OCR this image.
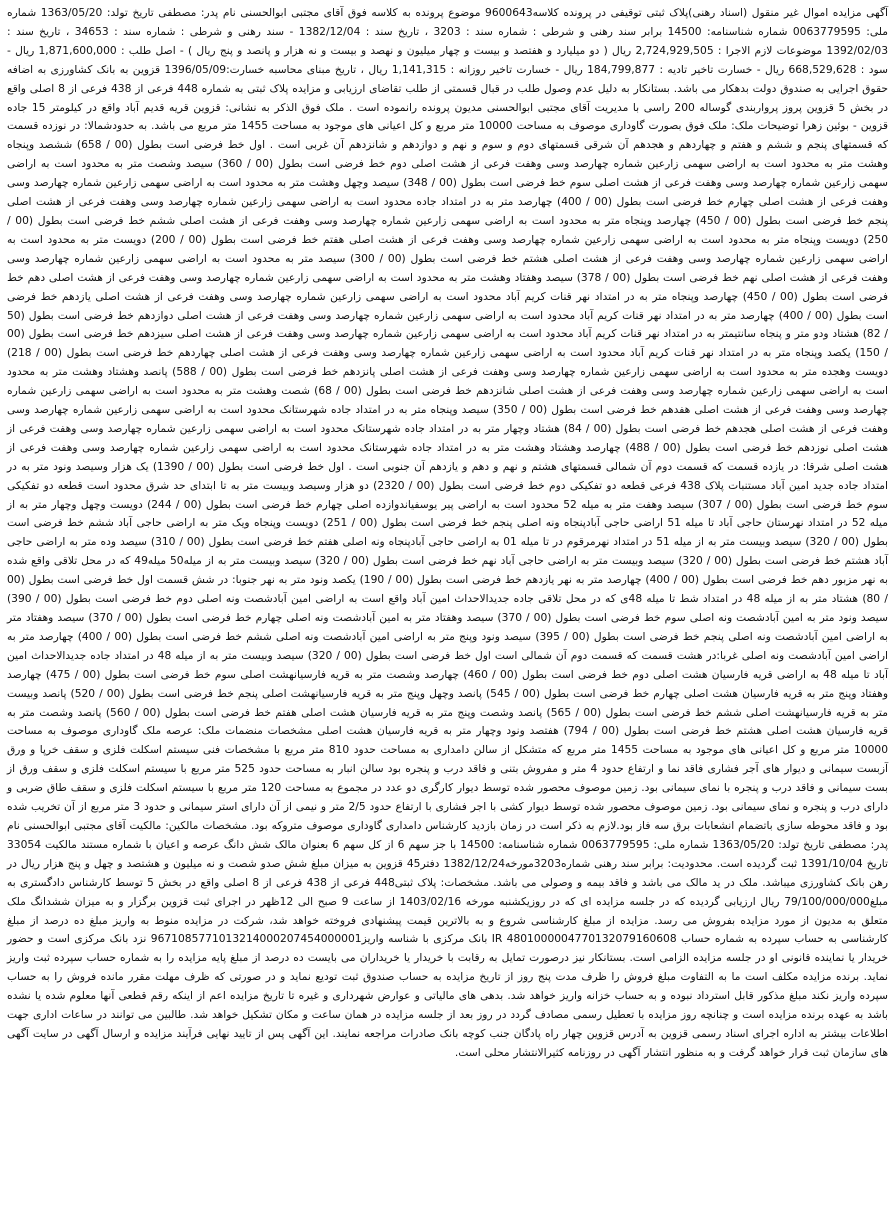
آگهی مزایده اموال غیر منقول (اسناد رهنی)پلاک ثبتی توقیفی در پرونده کلاسه9600643 موضوع پرونده به کلاسه فوق آقای مجتبی ابوالحسنی نام پدر: مصطفی تاریخ تولد: 1363/05/20 شماره ملی: 0063779595 شماره شناسنامه: 14500 برابر سند رهنی و شرطی : شماره سند : 3203 ، تاریخ سند : 1382/12/04 - سند رهنی و شرطی : شماره سند : 34653 ، تاریخ سند : 1392/02/03 موضوعات لازم الاجرا : 2,724,929,505 ریال ( دو میلیارد و هفتصد و بیست و چهار میلیون و نهصد و بیست و نه هزار و پانصد و پنج ریال ) - اصل طلب : 1,871,600,000 ریال - سود : 668,529,628 ریال - خسارت تاخیر تادیه : 184,799,877 ریال - خسارت تاخیر روزانه : 1,141,315 ریال ، تاریخ مبنای محاسبه خسارت:1396/05/09 قزوین به بانک کشاورزی به اضافه حقوق اجرایی به صندوق دولت بدهکار می باشد. بستانکار به دلیل عدم وصول طلب در قبال قسمتی از طلب تقاضای ارزیابی و مزایده پلاک ثبتی به شماره 448 فرعی از 438 فرعی از 8 اصلی واقع در بخش 5 قزوین پروز پرواربندی گوساله 200 راسی با مدیریت آقای مجتبی ابوالحسنی مدیون پرونده رانموده است . ملک فوق الذکر به نشانی: قزوین قریه قدیم آباد واقع در کیلومتر 15 جاده قزوین - بوئین زهرا توضیحات ملک: ملک فوق بصورت گاوداری موصوف به مساحت 10000 متر مربع و کل اعیانی های موجود به مساحت 1455 متر مربع می باشد. به حدودشمالا: در نوزده قسمت که قسمتهای پنجم و ششم و هفتم و چهاردهم و هجدهم آن شرقی قسمتهای دوم و سوم و نهم و دوازدهم و شانزدهم آن غربی است . اول خط فرضی است بطول (00 / 658) ششصد وپنجاه وهشت متر به محدود است به اراضی سهمی زارعین شماره چهارصد وسی وهفت فرعی از هشت اصلی دوم خط فرضی است بطول (00 / 360) سیصد وشصت متر به محدود است به اراضی سهمی زارعین شماره چهارصد وسی وهفت فرعی از هشت اصلی سوم خط فرضی است بطول (00 / 348) سیصد وچهل وهشت متر به محدود است به اراضی سهمی زارعین شماره چهارصد وسی وهفت فرعی از هشت اصلی چهارم خط فرضی است بطول (00 / 400) چهارصد متر به در امتداد جاده محدود است به اراضی سهمی زارعین شماره چهارصد وسی وهفت فرعی از هشت اصلی پنجم خط فرضی است بطول (00 / 450) چهارصد وپنجاه متر به محدود است به اراضی سهمی زارعین شماره چهارصد وسی وهفت فرعی از هشت اصلی ششم خط فرضی است بطول (00 / 250) دویست وپنجاه متر به محدود است به اراضی سهمی زارعین شماره چهارصد وسی وهفت فرعی از هشت اصلی هفتم خط فرضی است بطول (00 / 200) دویست متر به محدود است به اراضی سهمی زارعین شماره چهارصد وسی وهفت فرعی از هشت اصلی هشتم خط فرضی است بطول (00 / 300) سیصد متر به محدود است به اراضی سهمی زارعین شماره چهارصد وسی وهفت فرعی از هشت اصلی نهم خط فرضی است بطول (00 / 378) سیصد وهفتاد وهشت متر به محدود است به اراضی سهمی زارعین شماره چهارصد وسی وهفت فرعی از هشت اصلی دهم خط فرضی است بطول (00 / 450) چهارصد وپنجاه متر به در امتداد نهر قنات کریم آباد محدود است به اراضی سهمی زارعین شماره چهارصد وسی وهفت فرعی از هشت اصلی یازدهم خط فرضی است بطول (00 / 400) چهارصد متر به در امتداد نهر قنات کریم آباد محدود است به اراضی سهمی زارعین شماره چهارصد وسی وهفت فرعی از هشت اصلی دوازدهم خط فرضی است بطول (50 / 82) هشتاد ودو متر و پنجاه سانتیمتر به در امتداد نهر قنات کریم آباد محدود است به اراضی سهمی زارعین شماره چهارصد وسی وهفت فرعی از هشت اصلی سیزدهم خط فرضی است بطول (00 / 150) یکصد وپنجاه متر به در امتداد نهر قنات کریم آباد محدود است به اراضی سهمی زارعین شماره چهارصد وسی وهفت فرعی از هشت اصلی چهاردهم خط فرضی است بطول (00 / 218) دویست وهجده متر به محدود است به اراضی سهمی زارعین شماره چهارصد وسی وهفت فرعی از هشت اصلی پانزدهم خط فرضی است بطول (00 / 588) پانصد وهشتاد وهشت متر به محدود است به اراضی سهمی زارعین شماره چهارصد وسی وهفت فرعی از هشت اصلی شانزدهم خط فرضی است بطول (00 / 68) شصت وهشت متر به محدود است به اراضی سهمی زارعین شماره چهارصد وسی وهفت فرعی از هشت اصلی هفدهم خط فرضی است بطول (00 / 350) سیصد وپنجاه متر به در امتداد جاده شهرستانک محدود است به اراضی سهمی زارعین شماره چهارصد وسی وهفت فرعی از هشت اصلی هجدهم خط فرضی است بطول (00 / 84) هشتاد وچهار متر به در امتداد جاده شهرستانک محدود است به اراضی سهمی زارعین شماره چهارصد وسی وهفت فرعی از هشت اصلی نوزدهم خط فرضی است بطول (00 / 488) چهارصد وهشتاد وهشت متر به در امتداد جاده شهرستانک محدود است به اراضی سهمی زارعین شماره چهارصد وسی وهفت فرعی از هشت اصلی شرقا: در یازده قسمت که قسمت دوم آن شمالی قسمتهای هشتم و نهم و دهم و یازدهم آن جنوبی است . اول خط فرضی است بطول (00 / 1390) یک هزار وسیصد ونود متر به در امتداد جاده جدید امین آباد مستنبات پلاک 438 فرعی قطعه دو تفکیکی دوم خط فرضی است بطول (00 / 2320) دو هزار وسیصد وبیست متر به تا ابتدای حد شرق محدود است قطعه دو تفکیکی سوم خط فرضی است بطول (00 / 307) سیصد وهفت متر به میله 52 محدود است به اراضی پیر یوسفیاندوازده اصلی چهارم خط فرضی است بطول (00 / 244) دویست وچهل وچهار متر به از میله 52 در امتداد نهرستان حاجی آباد تا میله 51 اراضی حاجی آبادپنجاه ونه اصلی پنجم خط فرضی است بطول (00 / 251) دویست وپنجاه ویک متر به اراضی حاجی آباد ششم خط فرضی است بطول (00 / 320) سیصد وبیست متر به از میله 51 در امتداد نهرمرقوم در تا میله 01 به اراضی حاجی آبادپنجاه ونه اصلی هفتم خط فرضی است بطول (00 / 310) سیصد وده متر به اراضی حاجی آباد هشتم خط فرضی است بطول (00 / 320) سیصد وبیست متر به اراضی حاجی آباد نهم خط فرضی است بطول (00 / 320) سیصد وبیست متر به از میله50 میله49 که در محل تلاقی واقع شده به نهر مزبور دهم خط فرضی است بطول (00 / 400) چهارصد متر به نهر یازدهم خط فرضی است بطول (00 / 190) یکصد ونود متر به نهر جنوبا: در شش قسمت اول خط فرضی است بطول (00 / 80) هشتاد متر به از میله 48 در امتداد شط تا میله 48ی که در محل تلاقی جاده جدیدالاحداث امین آباد واقع است به اراضی امین آبادشصت ونه اصلی دوم خط فرضی است بطول (00 / 390) سیصد ونود متر به امین آبادشصت ونه اصلی سوم خط فرضی است بطول (00 / 370) سیصد وهفتاد متر به امین آبادشصت ونه اصلی چهارم خط فرضی است بطول (00 / 370) سیصد وهفتاد متر به اراضی امین آبادشصت ونه اصلی پنجم خط فرضی است بطول (00 / 395) سیصد ونود وپنج متر به اراضی امین آبادشصت ونه اصلی ششم خط فرضی است بطول (00 / 400) چهارصد متر به اراضی امین آبادشصت ونه اصلی غربا:در هشت قسمت که قسمت دوم آن شمالی است اول خط فرضی است بطول (00 / 320) سیصد وبیست متر به از میله 48 در امتداد جاده جدیدالاحداث امین آباد تا میله 48 به اراضی قریه فارسیان هشت اصلی دوم خط فرضی است بطول (00 / 460) چهارصد وشصت متر به قریه فارسیانهشت اصلی سوم خط فرضی است بطول (00 / 475) چهارصد وهفتاد وپنج متر به قریه فارسیان هشت اصلی چهارم خط فرضی است بطول (00 / 545) پانصد وچهل وپنج متر به قریه فارسیانهشت اصلی پنجم خط فرضی است بطول (00 / 520) پانصد وبیست متر به قریه فارسیانهشت اصلی ششم خط فرضی است بطول (00 / 565) پانصد وشصت وپنج متر به قریه فارسیان هشت اصلی هفتم خط فرضی است بطول (00 / 560) پانصد وشصت متر به قریه فارسیان هشت اصلی هشتم خط فرضی است بطول (00 / 794) هفتصد ونود وچهار متر به قریه فارسیان هشت اصلی مشخصات منضمات ملک: عرصه ملک گاوداری موصوف به مساحت 10000 متر مربع و کل اعیانی های موجود به مساحت 1455 متر مربع که متشکل از سالن دامداری به مساحت حدود 810 متر مربع با مشخصات فنی سیستم اسکلت فلزی و سقف خرپا و ورق آزبست سیمانی و دیوار های آجر فشاری فاقد نما و ارتفاع حدود 4 متر و مفروش بتنی و فاقد درب و پنجره بود سالن انبار به مساحت حدود 525 متر مربع با سیستم اسکلت فلزی و سقف ورق از بست سیمانی و فاقد درب و پنجره با نمای سیمانی بود. زمین موصوف محصور شده توسط دیوار کارگری دو عدد در مجموع به مساحت 120 متر مربع با سیستم اسکلت فلزی و سقف طاق ضربی و دارای درب و پنجره و نمای سیمانی بود. زمین موصوف محصور شده توسط دیوار کشی با اجر فشاری با ارتفاع حدود 2/5 متر و نیمی از آن دارای استر سیمانی و حدود 3 متر مربع از آن تخریب شده بود و فاقد محوطه سازی باتضمام انشعابات برق سه فاز بود.لازم به ذکر است در زمان بازدید کارشناس دامداری گاوداری موصوف متروکه بود. مشخصات مالکین: مالکیت آقای مجتبی ابوالحسنی نام پدر: مصطفی تاریخ تولد: 1363/05/20 شماره ملی: 0063779595 شماره شناسنامه: 14500 با جز سهم 6 از کل سهم 6 بعنوان مالک شش دانگ عرصه و اعیان با شماره مستند مالکیت 33054 تاریخ 1391/10/04 ثبت گردیده است. محدودیت: برابر سند رهنی شماره3203مورخه1382/12/24 دفتر45 قزوین به میزان مبلغ شش صدو شصت و نه میلیون و هشتصد و چهل و پنج هزار ریال در رهن بانک کشاورزی میباشد. ملک در ید مالک می باشد و فاقد بیمه و وصولی می باشد. مشخصات: پلاک ثبتی448 فرعی از 438 فرعی از 8 اصلی واقع در بخش 5 توسط کارشناس دادگستری به مبلغ79/100/000/000 ریال ارزیابی گردیده که در جلسه مزایده ای که در روزیکشنبه مورخه 1403/02/16 از ساعت 9 صبح الی 12ظهر در اجرای ثبت قزوین برگزار و به میزان ششدانگ ملک متعلق به مدیون از مورد مزایده بفروش می رسد. مزایده از مبلغ کارشناسی شروع و به بالاترین قیمت پیشنهادی فروخته خواهد شد، شرکت در مزایده منوط به واریز مبلغ ده درصد از مبلغ کارشناسی به حساب سپرده به شماره حساب 4801000004770132079160608 IR بانک مرکزی با شناسه واریز9671085771013214000207454000001 نزد بانک مرکزی است و حضور خریدار یا نماینده قانونی او در جلسه مزایده الزامی است. بستانکار نیز درصورت تمایل به رقابت با خریدار یا خریداران می بایست ده درصد از مبلغ پایه مزایده را به شماره حساب سپرده ثبت واریز نماید. برنده مزایده مکلف است ما به التفاوت مبلغ فروش را ظرف مدت پنج روز از تاریخ مزایده به حساب صندوق ثبت تودیع نماید و در صورتی که ظرف مهلت مقرر مانده فروش را به حساب سپرده واریز نکند مبلغ مذکور قابل استرداد نبوده و به حساب خزانه واریز خواهد شد. بدهی های مالیاتی و عوارض شهرداری و غیره تا تاریخ مزایده اعم از اینکه رقم قطعی آنها معلوم شده یا نشده باشد به عهده برنده مزایده است و چنانچه روز مزایده با تعطیل رسمی مصادف گردد در روز بعد از جلسه مزایده در همان ساعت و مکان تشکیل خواهد شد. طالبین می توانند در ساعات اداری جهت اطلاعات بیشتر به اداره اجرای اسناد رسمی قزوین به آدرس قزوین چهار راه پادگان جنب کوچه بانک صادرات مراجعه نمایند. این آگهی پس از تایید نهایی فرآیند مزایده و ارسال آگهی در سایت آگهی های سازمان ثبت قرار خواهد گرفت و به منظور انتشار آگهی در روزنامه کثیرالانتشار محلی است.
